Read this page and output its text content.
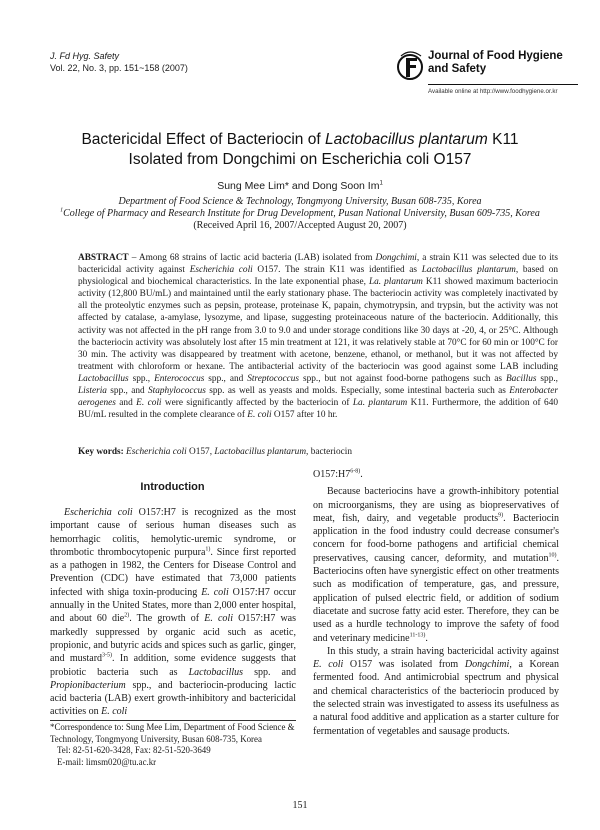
J. Fd Hyg. Safety
Vol. 22, No. 3, pp. 151~158 (2007)
Journal of Food Hygiene
and Safety
Available online at http://www.foodhygiene.or.kr
Bactericidal Effect of Bacteriocin of Lactobacillus plantarum K11
Isolated from Dongchimi on Escherichia coli O157
Sung Mee Lim* and Dong Soon Im$^1$
Department of Food Science & Technology, Tongmyong University, Busan 608-735, Korea
$^1$College of Pharmacy and Research Institute for Drug Development, Pusan National University, Busan 609-735, Korea
(Received April 16, 2007/Accepted August 20, 2007)
ABSTRACT – Among 68 strains of lactic acid bacteria (LAB) isolated from Dongchimi, a strain K11 was selected due to its bactericidal activity against Escherichia coli O157. The strain K11 was identified as Lactobacillus plantarum, based on physiological and biochemical characteristics. In the late exponential phase, La. plantarum K11 showed maximum bacteriocin activity (12,800 BU/mL) and maintained until the early stationary phase. The bacteriocin activity was completely inactivated by all the proteolytic enzymes such as pepsin, protease, proteinase K, papain, chymotrypsin, and trypsin, but the activity was not affected by catalase, a-amylase, lysozyme, and lipase, suggesting proteinaceous nature of the bacteriocin. Additionally, this activity was not affected in the pH range from 3.0 to 9.0 and under storage conditions like 30 days at -20, 4, or 25°C. Although the bacteriocin activity was absolutely lost after 15 min treatment at 121, it was relatively stable at 70°C for 60 min or 100°C for 30 min. The activity was disappeared by treatment with acetone, benzene, ethanol, or methanol, but it was not affected by treatment with chloroform or hexane. The antibacterial activity of the bacteriocin was good against some LAB including Lactobacillus spp., Enterococcus spp., and Streptococcus spp., but not against food-borne pathogens such as Bacillus spp., Listeria spp., and Staphylococcus spp. as well as yeasts and molds. Especially, some intestinal bacteria such as Enterobacter aerogenes and E. coli were significantly affected by the bacteriocin of La. plantarum K11. Furthermore, the addition of 640 BU/mL resulted in the complete clearance of E. coli O157 after 10 hr.
Key words: Escherichia coli O157, Lactobacillus plantarum, bacteriocin
Introduction

Escherichia coli O157:H7 is recognized as the most important cause of serious human diseases such as hemorrhagic colitis, hemolytic-uremic syndrome, or thrombotic thrombocytopenic purpura$^{1)}$. Since first reported as a pathogen in 1982, the Centers for Disease Control and Prevention (CDC) have estimated that 73,000 patients infected with shiga toxin-producing E. coli O157:H7 occur annually in the United States, more than 2,000 enter hospital, and about 60 die$^{2)}$. The growth of E. coli O157:H7 was markedly suppressed by organic acid such as acetic, propionic, and butyric acids and spices such as garlic, ginger, and mustard$^{3-5)}$. In addition, some evidence suggests that probiotic bacteria such as Lactobacillus spp. and Propionibacterium spp., and bacteriocin-producing lactic acid bacteria (LAB) exert growth-inhibitory and bactericidal activities on E. coli

*Correspondence to: Sung Mee Lim, Department of Food Science & Technology, Tongmyong University, Busan 608-735, Korea
Tel: 82-51-620-3428, Fax: 82-51-520-3649
E-mail: limsm020@tu.ac.kr
O157:H7$^{6-8)}$.

Because bacteriocins have a growth-inhibitory potential on microorganisms, they are using as biopreservatives of meat, fish, dairy, and vegetable products$^{9)}$. Bacteriocin application in the food industry could decrease consumer's concern for food-borne pathogens and artificial chemical preservatives, causing cancer, deformity, and mutation$^{10)}$. Bacteriocins often have synergistic effect on other treatments such as modification of temperature, gas, and pressure, application of pulsed electric field, or addition of sodium diacetate and sucrose fatty acid ester. Therefore, they can be used as a hurdle technology to improve the safety of food and veterinary medicine$^{11-13)}$.

In this study, a strain having bactericidal activity against E. coli O157 was isolated from Dongchimi, a Korean fermented food. And antimicrobial spectrum and physical and chemical characteristics of the bacteriocin produced by the selected strain was investigated to assess its usefulness as a natural food additive and application as a starter culture for fermentation of vegetables and sausage products.

151
